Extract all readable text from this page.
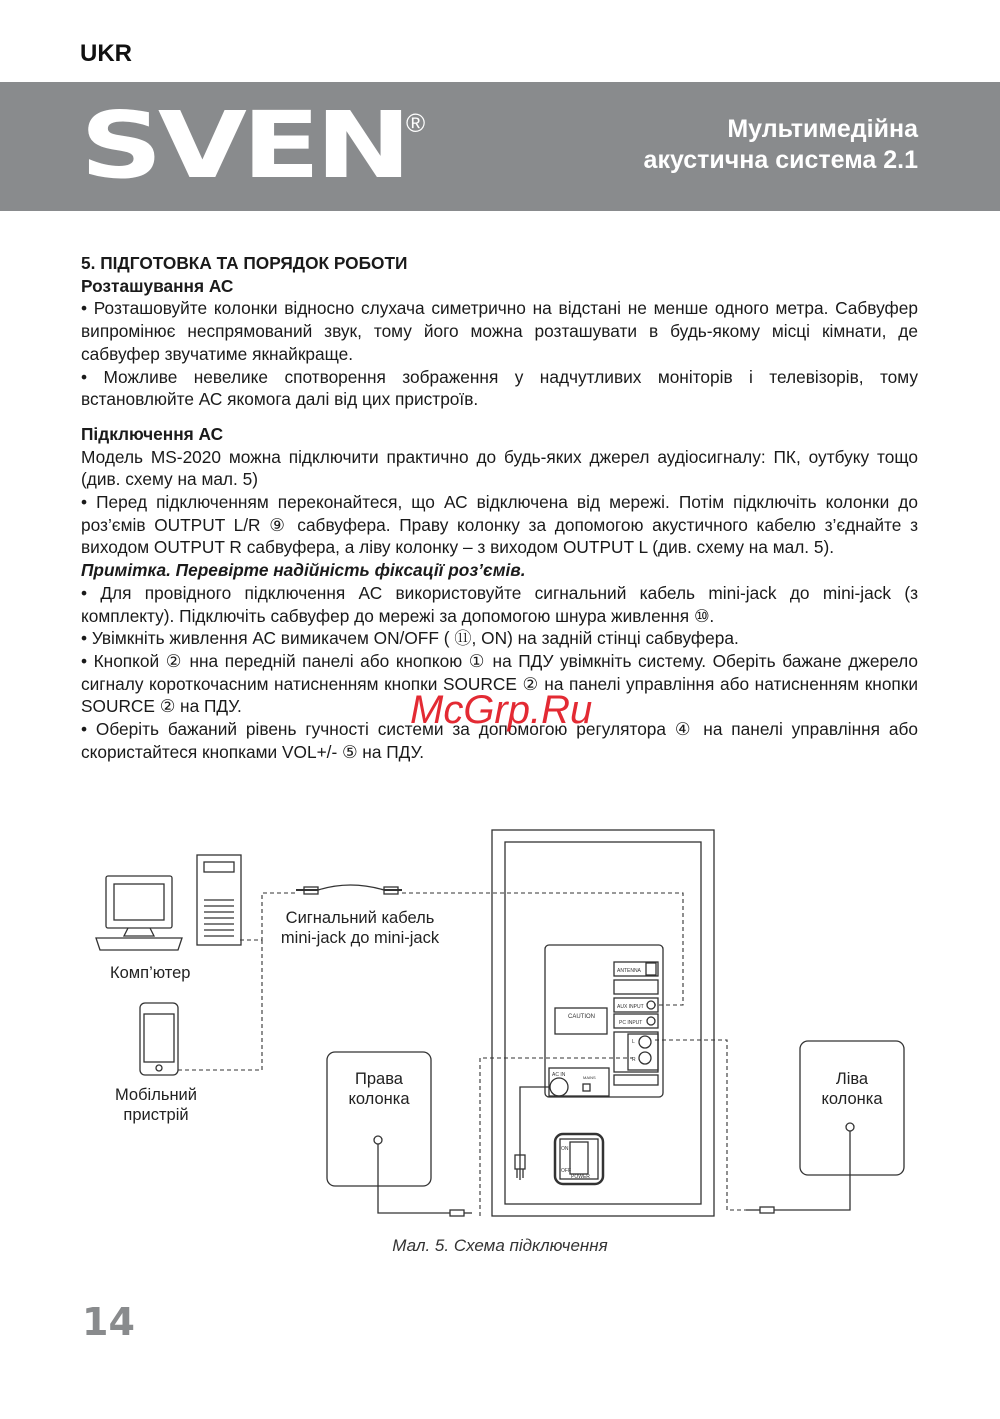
UKR
SVEN ®	Мультимедійна
акустична система 2.1

5. ПІДГОТОВКА ТА ПОРЯДОК РОБОТИ

Розташування АС

• Розташовуйте колонки відносно слухача симетрично на відстані не менше одного метра. Сабвуфер випромінює неспрямований звук, тому його можна розташувати в будь-якому місці кімнати, де сабвуфер звучатиме якнайкраще.

• Можливе невелике спотворення зображення у надчутливих моніторів і телевізорів, тому встановлюйте АС якомога далі від цих пристроїв.

Підключення АС

Модель MS-2020 можна підключити практично до будь-яких джерел аудіосигналу: ПК, оутбуку тощо (див. схему на мал. 5)

• Перед підключенням переконайтеся, що АС відключена від мережі. Потім підключіть колонки до роз’ємів OUTPUT L/R ⑨ сабвуфера. Праву колонку за допомогою акустичного кабелю з’єднайте з виходом OUTPUT R сабвуфера, а ліву колонку – з виходом OUTPUT L (див. схему на мал. 5).

Примітка. Перевірте надійність фіксації роз’ємів.

• Для провідного підключення АС використовуйте сигнальний кабель mini-jack до mini-jack (з комплекту). Підключіть сабвуфер до мережі за допомогою шнура живлення ⑩.

• Увімкніть живлення АС вимикачем ON/OFF ( ⑪, ON) на задній стінці сабвуфера.

• Кнопкой ② нна передній панелі або кнопкою ① на ПДУ увімкніть систему. Оберіть бажане джерело сигналу короткочасним натисненням кнопки SOURCE ② на панелі управління або натисненням кнопки SOURCE ② на ПДУ.

• Оберіть бажаний рівень гучності системи за допомогою регулятора ④ на панелі управління або скористайтеся кнопками VOL+/- ⑤ на ПДУ.

McGrp.Ru
ANTENNA
AUX INPUT
PC INPUT
CAUTION
AC IN	MAINS
L
R
ON
OFF
POWER
Комп’ютер
Мобільний пристрій
Сигнальний кабель mini-jack до mini-jack
Права колонка
Ліва колонка
Мал. 5. Схема підключення
14
